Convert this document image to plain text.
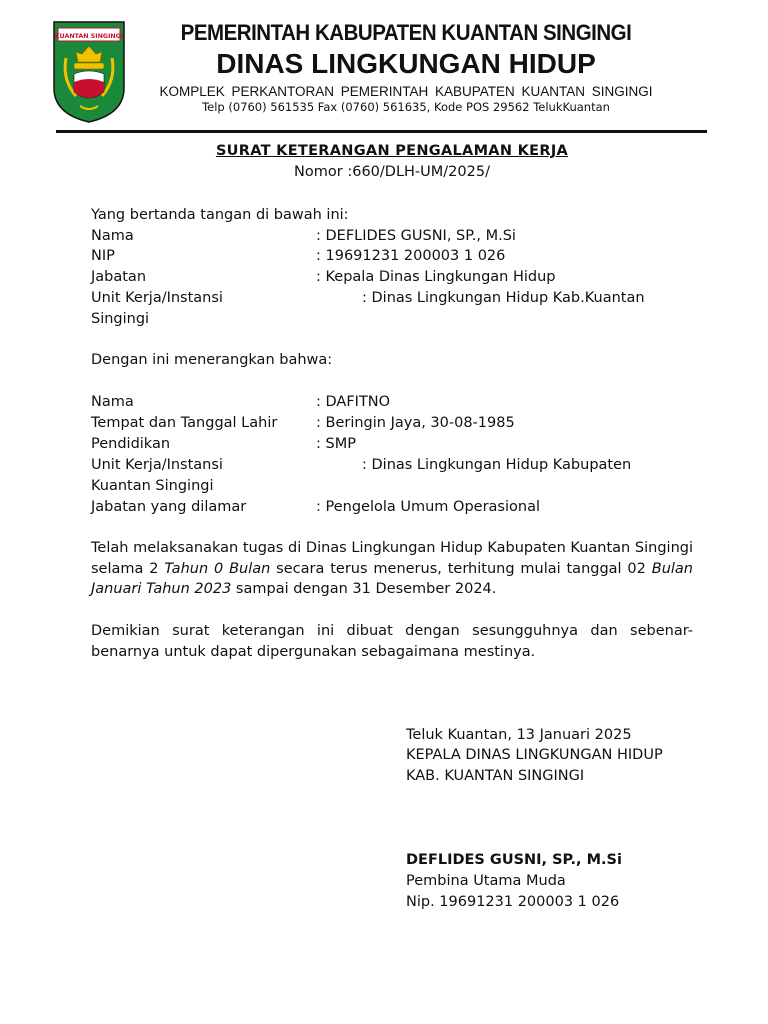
KUANTAN SINGINGI	PEMERINTAH KABUPATEN KUANTAN SINGINGI
DINAS LINGKUNGAN HIDUP
KOMPLEK PERKANTORAN PEMERINTAH KABUPATEN KUANTAN SINGINGI
Telp (0760) 561535 Fax (0760) 561635, Kode POS 29562 TelukKuantan
SURAT KETERANGAN PENGALAMAN KERJA
Nomor :660/DLH-UM/2025/
Yang bertanda tangan di bawah ini:
Nama	: DEFLIDES GUSNI, SP., M.Si
NIP	: 19691231 200003 1 026
Jabatan	: Kepala Dinas Lingkungan Hidup
Unit Kerja/Instansi	: Dinas Lingkungan Hidup Kab.Kuantan
Singingi
Dengan ini menerangkan bahwa:
Nama	: DAFITNO
Tempat dan Tanggal Lahir	: Beringin Jaya, 30-08-1985
Pendidikan	: SMP
Unit Kerja/Instansi	: Dinas Lingkungan Hidup Kabupaten
Kuantan Singingi
Jabatan yang dilamar	: Pengelola Umum Operasional
Telah melaksanakan tugas di Dinas Lingkungan Hidup Kabupaten Kuantan Singingi selama 2 Tahun 0 Bulan secara terus menerus, terhitung mulai tanggal 02 Bulan Januari Tahun 2023 sampai dengan 31 Desember 2024.
Demikian surat keterangan ini dibuat dengan sesungguhnya dan sebenar-benarnya untuk dapat dipergunakan sebagaimana mestinya.
Teluk Kuantan, 13 Januari 2025
KEPALA DINAS LINGKUNGAN HIDUP
KAB. KUANTAN SINGINGI
DEFLIDES GUSNI, SP., M.Si
Pembina Utama Muda
Nip. 19691231 200003 1 026
